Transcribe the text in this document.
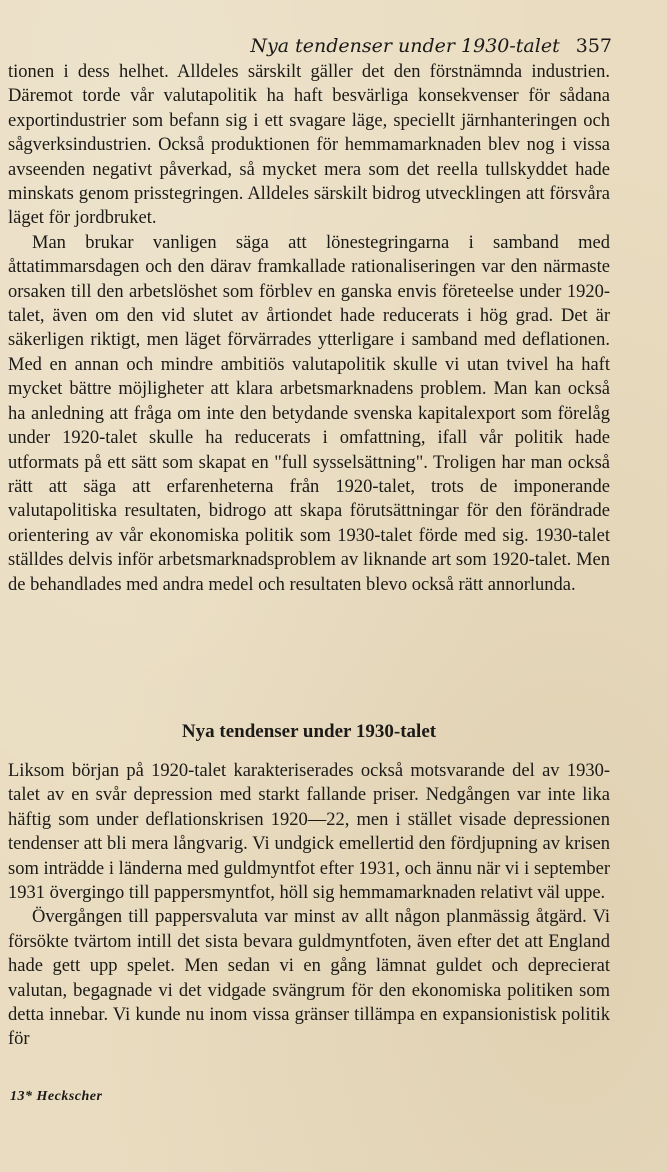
Nya tendenser under 1930-talet 357

tionen i dess helhet. Alldeles särskilt gäller det den förstnämnda industrien. Däremot torde vår valutapolitik ha haft besvärliga konsekvenser för sådana exportindustrier som befann sig i ett svagare läge, speciellt järnhanteringen och sågverksindustrien. Också produktionen för hemmamarknaden blev nog i vissa avseenden negativt påverkad, så mycket mera som det reella tullskyddet hade minskats genom prisstegringen. Alldeles särskilt bidrog utvecklingen att försvåra läget för jordbruket.

Man brukar vanligen säga att lönestegringarna i samband med åttatimmarsdagen och den därav framkallade rationaliseringen var den närmaste orsaken till den arbetslöshet som förblev en ganska envis företeelse under 1920-talet, även om den vid slutet av årtiondet hade reducerats i hög grad. Det är säkerligen riktigt, men läget förvärrades ytterligare i samband med deflationen. Med en annan och mindre ambitiös valutapolitik skulle vi utan tvivel ha haft mycket bättre möjligheter att klara arbetsmarknadens problem. Man kan också ha anledning att fråga om inte den betydande svenska kapitalexport som förelåg under 1920-talet skulle ha reducerats i omfattning, ifall vår politik hade utformats på ett sätt som skapat en "full sysselsättning". Troligen har man också rätt att säga att erfarenheterna från 1920-talet, trots de imponerande valutapolitiska resultaten, bidrogo att skapa förutsättningar för den förändrade orientering av vår ekonomiska politik som 1930-talet förde med sig. 1930-talet ställdes delvis inför arbetsmarknadsproblem av liknande art som 1920-talet. Men de behandlades med andra medel och resultaten blevo också rätt annorlunda.

Nya tendenser under 1930-talet

Liksom början på 1920-talet karakteriserades också motsvarande del av 1930-talet av en svår depression med starkt fallande priser. Nedgången var inte lika häftig som under deflationskrisen 1920—22, men i stället visade depressionen tendenser att bli mera långvarig. Vi undgick emellertid den fördjupning av krisen som inträdde i länderna med guldmyntfot efter 1931, och ännu när vi i september 1931 övergingo till pappersmyntfot, höll sig hemmamarknaden relativt väl uppe.

Övergången till pappersvaluta var minst av allt någon planmässig åtgärd. Vi försökte tvärtom intill det sista bevara guldmyntfoten, även efter det att England hade gett upp spelet. Men sedan vi en gång lämnat guldet och deprecierat valutan, begagnade vi det vidgade svängrum för den ekonomiska politiken som detta innebar. Vi kunde nu inom vissa gränser tillämpa en expansionistisk politik för

13* Heckscher
